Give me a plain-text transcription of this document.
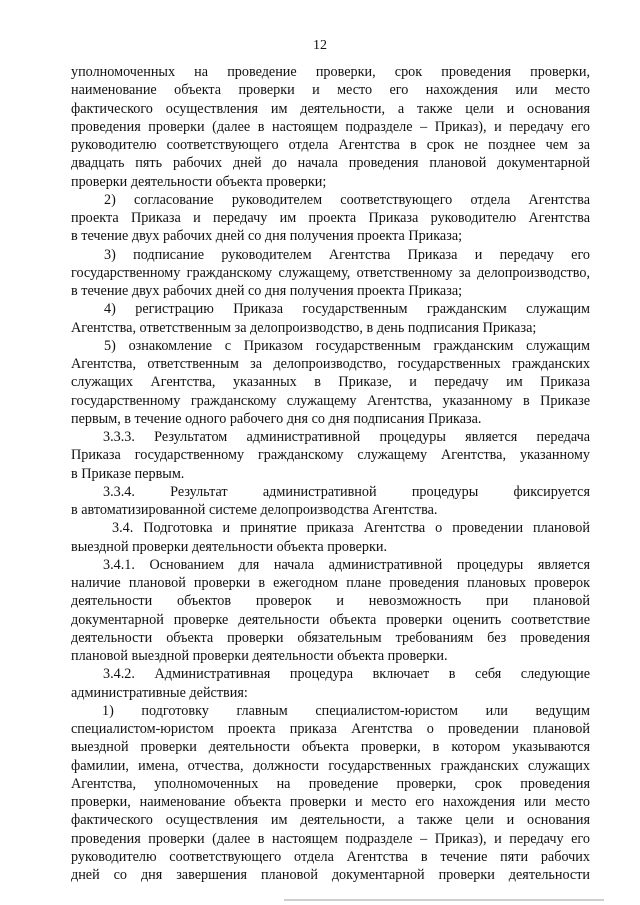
12
уполномоченных на проведение проверки, срок проведения проверки,
наименование объекта проверки и место его нахождения или место
фактического осуществления им деятельности, а также цели и основания
проведения проверки (далее в настоящем подразделе – Приказ), и передачу его
руководителю соответствующего отдела Агентства в срок не позднее чем за
двадцать пять рабочих дней до начала проведения плановой документарной
проверки деятельности объекта проверки;
2) согласование руководителем соответствующего отдела Агентства
проекта Приказа и передачу им проекта Приказа руководителю Агентства
в течение двух рабочих дней со дня получения проекта Приказа;
3) подписание руководителем Агентства Приказа и передачу его
государственному гражданскому служащему, ответственному за делопроизводство,
в течение двух рабочих дней со дня получения проекта Приказа;
4) регистрацию Приказа государственным гражданским служащим
Агентства, ответственным за делопроизводство, в день подписания Приказа;
5) ознакомление с Приказом государственным гражданским служащим
Агентства, ответственным за делопроизводство, государственных гражданских
служащих Агентства, указанных в Приказе, и передачу им Приказа
государственному гражданскому служащему Агентства, указанному в Приказе
первым, в течение одного рабочего дня со дня подписания Приказа.
3.3.3. Результатом административной процедуры является передача
Приказа государственному гражданскому служащему Агентства, указанному
в Приказе первым.
3.3.4. Результат административной процедуры фиксируется
в автоматизированной системе делопроизводства Агентства.
3.4. Подготовка и принятие приказа Агентства о проведении плановой
выездной проверки деятельности объекта проверки.
3.4.1. Основанием для начала административной процедуры является
наличие плановой проверки в ежегодном плане проведения плановых проверок
деятельности объектов проверок и невозможность при плановой
документарной проверке деятельности объекта проверки оценить соответствие
деятельности объекта проверки обязательным требованиям без проведения
плановой выездной проверки деятельности объекта проверки.
3.4.2. Административная процедура включает в себя следующие
административные действия:
1) подготовку главным специалистом-юристом или ведущим
специалистом-юристом проекта приказа Агентства о проведении плановой
выездной проверки деятельности объекта проверки, в котором указываются
фамилии, имена, отчества, должности государственных гражданских служащих
Агентства, уполномоченных на проведение проверки, срок проведения
проверки, наименование объекта проверки и место его нахождения или место
фактического осуществления им деятельности, а также цели и основания
проведения проверки (далее в настоящем подразделе – Приказ), и передачу его
руководителю соответствующего отдела Агентства в течение пяти рабочих
дней со дня завершения плановой документарной проверки деятельности
